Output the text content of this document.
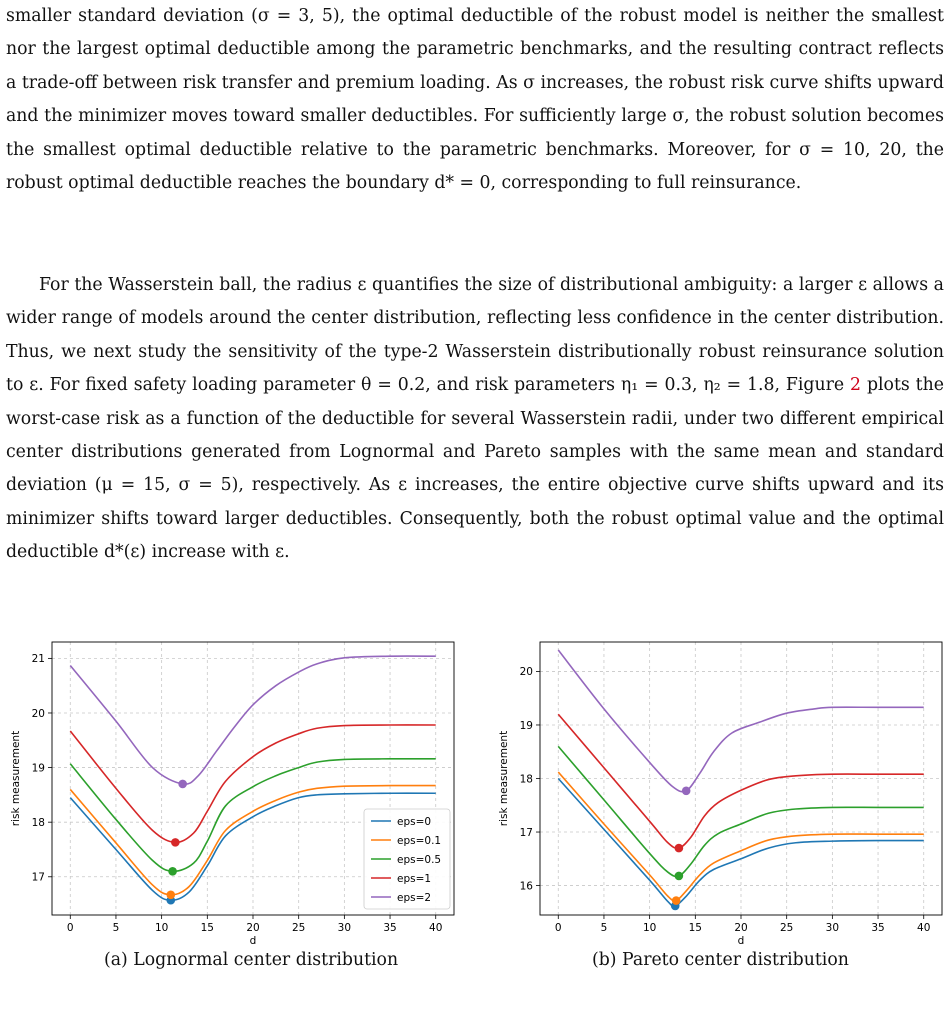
smaller standard deviation (σ = 3, 5), the optimal deductible of the robust model is neither the smallest nor the largest optimal deductible among the parametric benchmarks, and the resulting contract reflects a trade-off between risk transfer and premium loading. As σ increases, the robust risk curve shifts upward and the minimizer moves toward smaller deductibles. For sufficiently large σ, the robust solution becomes the smallest optimal deductible relative to the parametric benchmarks. Moreover, for σ = 10, 20, the robust optimal deductible reaches the boundary d* = 0, corresponding to full reinsurance.

For the Wasserstein ball, the radius ε quantifies the size of distributional ambiguity: a larger ε allows a wider range of models around the center distribution, reflecting less confidence in the center distribution. Thus, we next study the sensitivity of the type-2 Wasserstein distributionally robust reinsurance solution to ε. For fixed safety loading parameter θ = 0.2, and risk parameters η₁ = 0.3, η₂ = 1.8, Figure 2 plots the worst-case risk as a function of the deductible for several Wasserstein radii, under two different empirical center distributions generated from Lognormal and Pareto samples with the same mean and standard deviation (μ = 15, σ = 5), respectively. As ε increases, the entire objective curve shifts upward and its minimizer shifts toward larger deductibles. Consequently, both the robust optimal value and the optimal deductible d*(ε) increase with ε.

0	5	10	15	20	25	30	35	40
17
18
19
20
21
d
risk measurement	eps=0
eps=0.1
eps=0.5
eps=1
eps=2
0	5	10	15	20	25	30	35	40
16
17
18
19
20
d
risk measurement
(a) Lognormal center distribution	(b) Pareto center distribution
